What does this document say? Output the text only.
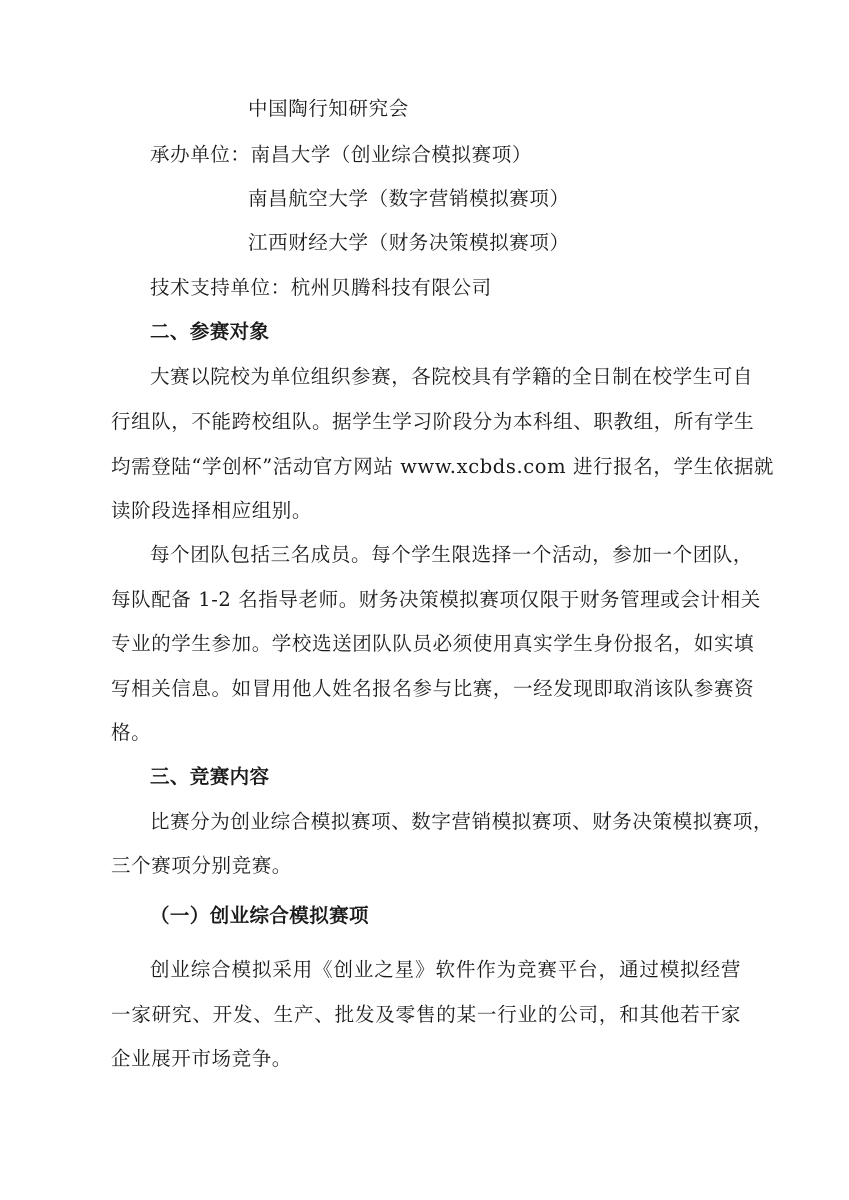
中国陶行知研究会
承办单位：南昌大学（创业综合模拟赛项）
南昌航空大学（数字营销模拟赛项）
江西财经大学（财务决策模拟赛项）
技术支持单位：杭州贝腾科技有限公司
二、参赛对象
大赛以院校为单位组织参赛，各院校具有学籍的全日制在校学生可自
行组队，不能跨校组队。据学生学习阶段分为本科组、职教组，所有学生
均需登陆“学创杯”活动官方网站 www.xcbds.com 进行报名，学生依据就
读阶段选择相应组别。
每个团队包括三名成员。每个学生限选择一个活动，参加一个团队，
每队配备 1-2 名指导老师。财务决策模拟赛项仅限于财务管理或会计相关
专业的学生参加。学校选送团队队员必须使用真实学生身份报名，如实填
写相关信息。如冒用他人姓名报名参与比赛，一经发现即取消该队参赛资
格。
三、竞赛内容
比赛分为创业综合模拟赛项、数字营销模拟赛项、财务决策模拟赛项，
三个赛项分别竞赛。
（一）创业综合模拟赛项
创业综合模拟采用《创业之星》软件作为竞赛平台，通过模拟经营
一家研究、开发、生产、批发及零售的某一行业的公司，和其他若干家
企业展开市场竞争。
